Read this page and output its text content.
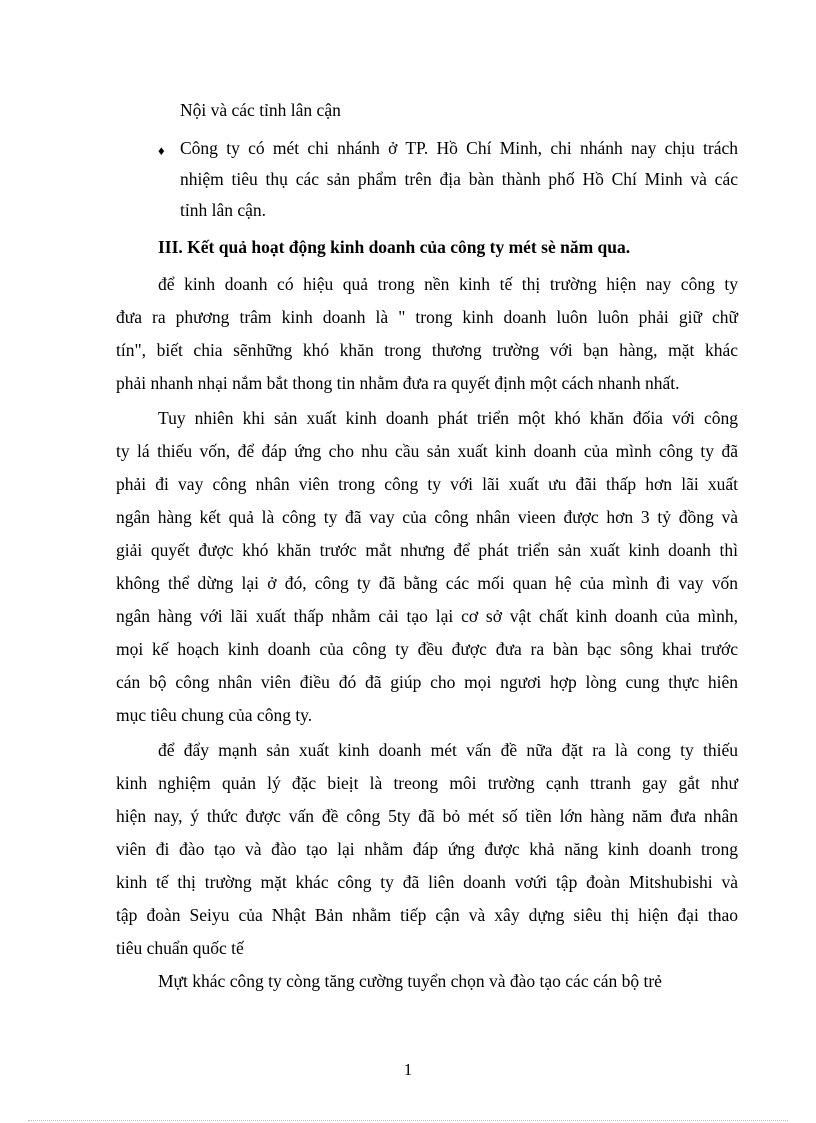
Nội và các tỉnh lân cận
♦ Công ty có mét chi nhánh ở TP. Hồ Chí Minh, chi nhánh nay chịu trách
nhiệm tiêu thụ các sản phẩm trên địa bàn thành phố Hồ Chí Minh và các
tỉnh lân cận.
III. Kết quả hoạt động kinh doanh của công ty mét sè năm qua.
để kinh doanh có hiệu quả trong nền kinh tế thị trường hiện nay công ty
đưa ra phương trâm kinh doanh là " trong kinh doanh luôn luôn phải giữ chữ
tín", biết chia sẽnhững khó khăn trong thương trường với bạn hàng, mặt khác
phải nhanh nhại nắm bắt thong tin nhằm đưa ra quyết định một cách nhanh nhất.
Tuy nhiên khi sản xuất kinh doanh phát triển một khó khăn đốia với công
ty lá thiếu vốn, để đáp ứng cho nhu cầu sản xuất kinh doanh của mình công ty đã
phải đi vay công nhân viên trong công ty với lãi xuất ưu đãi thấp hơn lãi xuất
ngân hàng kết quả là công ty đã vay của công nhân vieen được hơn 3 tỷ đồng và
giải quyết được khó khăn trước mắt nhưng để phát triển sản xuất kinh doanh thì
không thể dừng lại ở đó, công ty đã bằng các mối quan hệ của mình đi vay vốn
ngân hàng với lãi xuất thấp nhằm cải tạo lại cơ sở vật chất kinh doanh của mình,
mọi kế hoạch kinh doanh của công ty đều được đưa ra bàn bạc sông khai trước
cán bộ công nhân viên điều đó đã giúp cho mọi ngươi hợp lòng cung thực hiên
mục tiêu chung của công ty.
để đẩy mạnh sản xuất kinh doanh mét vấn đề nữa đặt ra là cong ty thiếu
kinh nghiệm quản lý đặc bieịt là treong môi trường cạnh ttranh gay gắt như
hiện nay, ý thức được vấn đề công 5ty đã bỏ mét số tiền lớn hàng năm đưa nhân
viên đi đào tạo và đào tạo lại nhằm đáp ứng được khả năng kinh doanh trong
kinh tế thị trường mặt khác công ty đã liên doanh vơứi tập đoàn Mitshubishi và
tập đoàn Seiyu của Nhật Bản nhằm tiếp cận và xây dựng siêu thị hiện đại thao
tiêu chuẩn quốc tế
Mựt khác công ty còng tăng cường tuyển chọn và đào tạo các cán bộ trẻ
1
